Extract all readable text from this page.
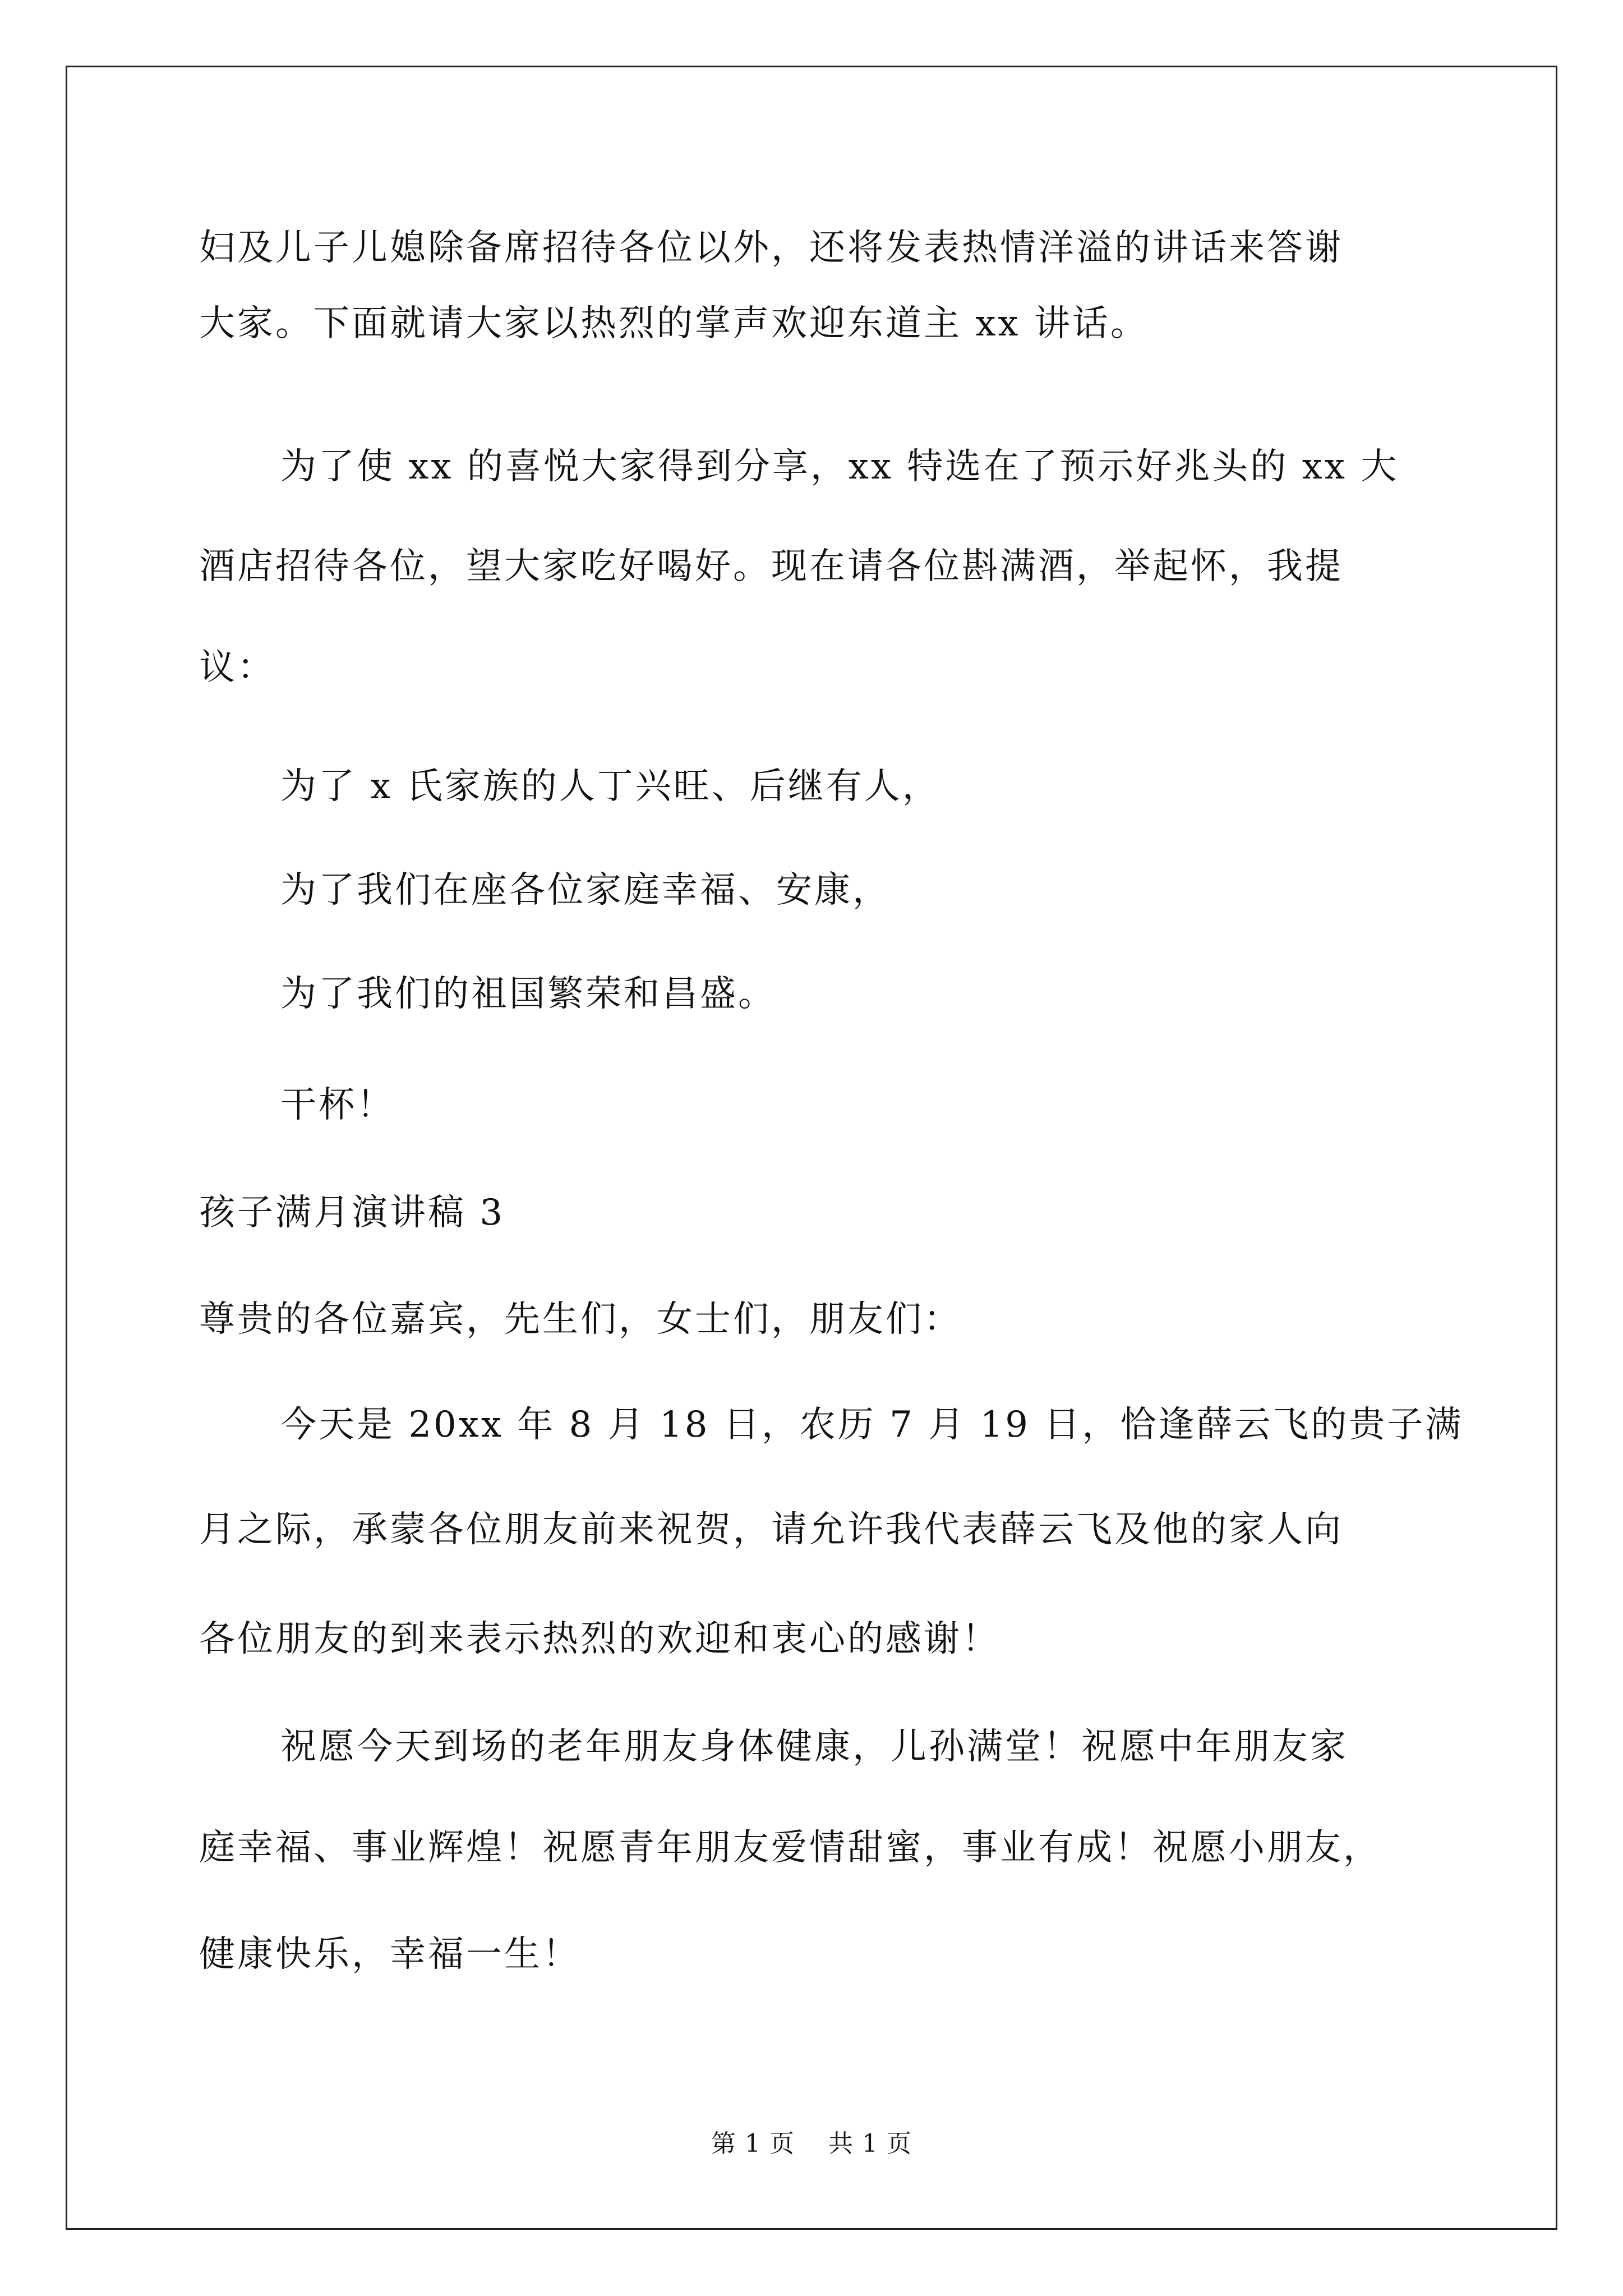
妇及儿子儿媳除备席招待各位以外，还将发表热情洋溢的讲话来答谢
大家。下面就请大家以热烈的掌声欢迎东道主 xx 讲话。
为了使 xx 的喜悦大家得到分享，xx 特选在了预示好兆头的 xx 大
酒店招待各位，望大家吃好喝好。现在请各位斟满酒，举起怀，我提
议：
为了 x 氏家族的人丁兴旺、后继有人，
为了我们在座各位家庭幸福、安康，
为了我们的祖国繁荣和昌盛。
干杯！
孩子满月演讲稿 3
尊贵的各位嘉宾，先生们，女士们，朋友们：
今天是 20xx 年 8 月 18 日，农历 7 月 19 日，恰逢薛云飞的贵子满
月之际，承蒙各位朋友前来祝贺，请允许我代表薛云飞及他的家人向
各位朋友的到来表示热烈的欢迎和衷心的感谢！
祝愿今天到场的老年朋友身体健康，儿孙满堂！祝愿中年朋友家
庭幸福、事业辉煌！祝愿青年朋友爱情甜蜜，事业有成！祝愿小朋友，
健康快乐，幸福一生！
第 1 页 共 1 页
